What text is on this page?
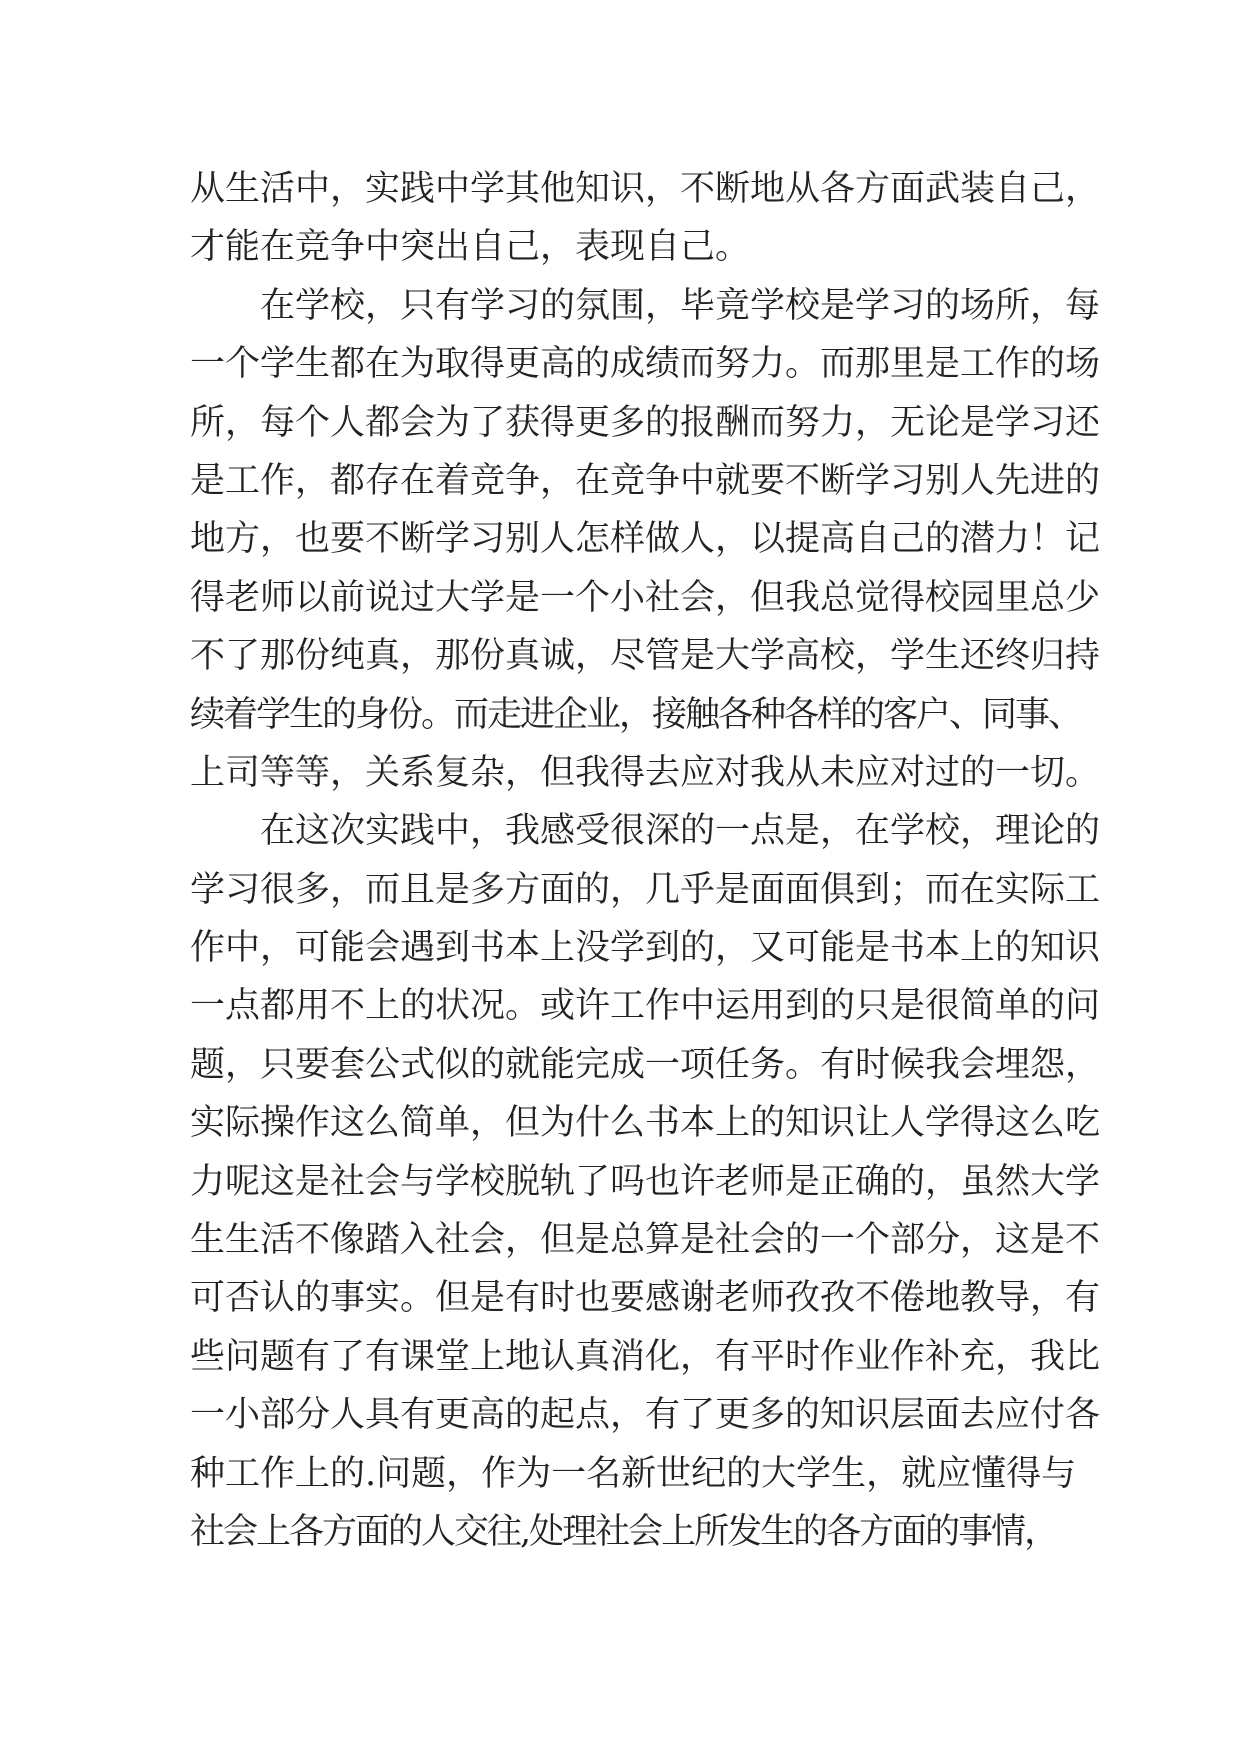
从生活中，实践中学其他知识，不断地从各方面武装自己，
才能在竞争中突出自己，表现自己。
在学校，只有学习的氛围，毕竟学校是学习的场所，每
一个学生都在为取得更高的成绩而努力。而那里是工作的场
所，每个人都会为了获得更多的报酬而努力，无论是学习还
是工作，都存在着竞争，在竞争中就要不断学习别人先进的
地方，也要不断学习别人怎样做人，以提高自己的潜力！记
得老师以前说过大学是一个小社会，但我总觉得校园里总少
不了那份纯真，那份真诚，尽管是大学高校，学生还终归持
续着学生的身份。而走进企业，接触各种各样的客户、同事、
上司等等，关系复杂，但我得去应对我从未应对过的一切。
在这次实践中，我感受很深的一点是，在学校，理论的
学习很多，而且是多方面的，几乎是面面俱到；而在实际工
作中，可能会遇到书本上没学到的，又可能是书本上的知识
一点都用不上的状况。或许工作中运用到的只是很简单的问
题，只要套公式似的就能完成一项任务。有时候我会埋怨，
实际操作这么简单，但为什么书本上的知识让人学得这么吃
力呢这是社会与学校脱轨了吗也许老师是正确的，虽然大学
生生活不像踏入社会，但是总算是社会的一个部分，这是不
可否认的事实。但是有时也要感谢老师孜孜不倦地教导，有
些问题有了有课堂上地认真消化，有平时作业作补充，我比
一小部分人具有更高的起点，有了更多的知识层面去应付各
种工作上的.问题，作为一名新世纪的大学生，就应懂得与
社会上各方面的人交往,处理社会上所发生的各方面的事情，
